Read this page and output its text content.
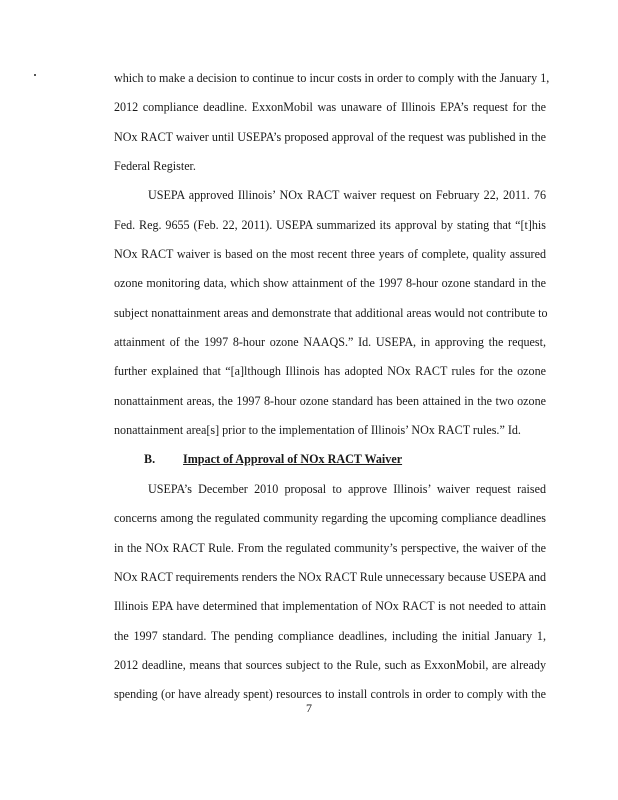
which to make a decision to continue to incur costs in order to comply with the January 1,
2012 compliance deadline. ExxonMobil was unaware of Illinois EPA’s request for the
NOx RACT waiver until USEPA’s proposed approval of the request was published in the
Federal Register.
USEPA approved Illinois’ NOx RACT waiver request on February 22, 2011. 76
Fed. Reg. 9655 (Feb. 22, 2011). USEPA summarized its approval by stating that “[t]his
NOx RACT waiver is based on the most recent three years of complete, quality assured
ozone monitoring data, which show attainment of the 1997 8-hour ozone standard in the
subject nonattainment areas and demonstrate that additional areas would not contribute to
attainment of the 1997 8-hour ozone NAAQS.” Id. USEPA, in approving the request,
further explained that “[a]lthough Illinois has adopted NOx RACT rules for the ozone
nonattainment areas, the 1997 8-hour ozone standard has been attained in the two ozone
nonattainment area[s] prior to the implementation of Illinois’ NOx RACT rules.” Id.
B. Impact of Approval of NOx RACT Waiver
USEPA’s December 2010 proposal to approve Illinois’ waiver request raised
concerns among the regulated community regarding the upcoming compliance deadlines
in the NOx RACT Rule. From the regulated community’s perspective, the waiver of the
NOx RACT requirements renders the NOx RACT Rule unnecessary because USEPA and
Illinois EPA have determined that implementation of NOx RACT is not needed to attain
the 1997 standard. The pending compliance deadlines, including the initial January 1,
2012 deadline, means that sources subject to the Rule, such as ExxonMobil, are already
spending (or have already spent) resources to install controls in order to comply with the
7
